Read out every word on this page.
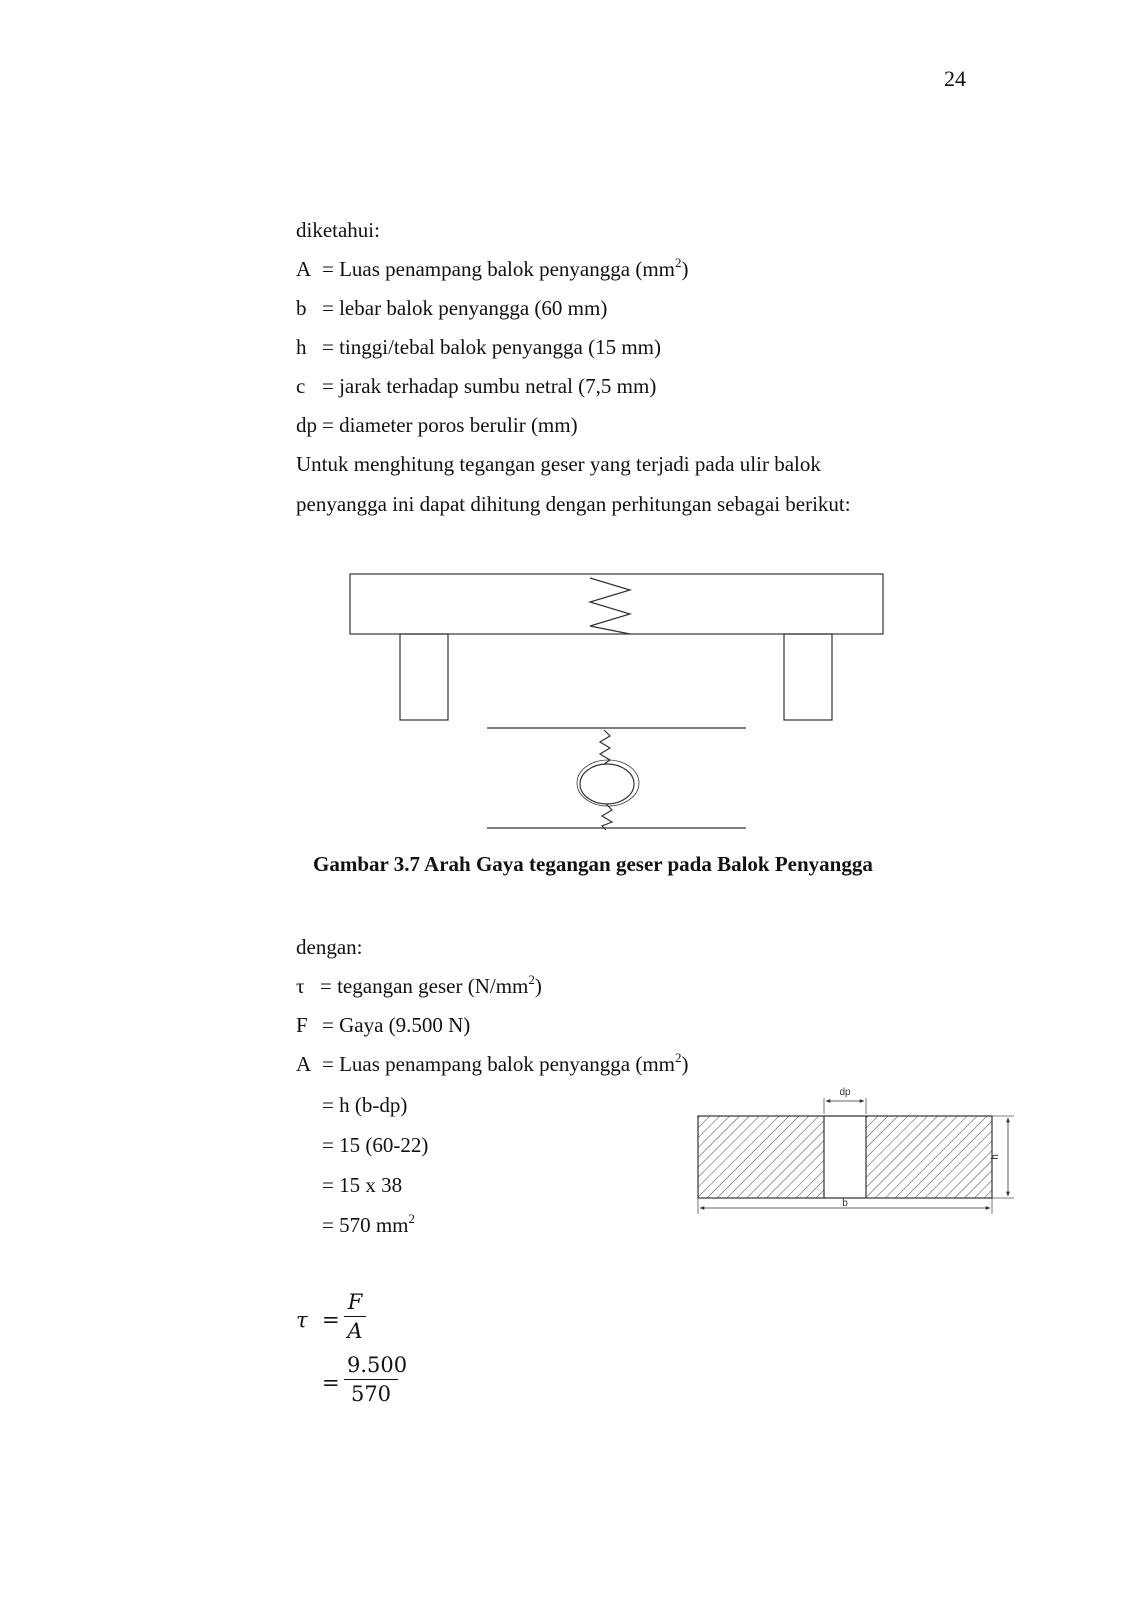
24
diketahui:
A = Luas penampang balok penyangga $(mm^2)$
b = lebar balok penyangga (60 mm)
h = tinggi/tebal balok penyangga (15 mm)
c = jarak terhadap sumbu netral (7,5 mm)
dp = diameter poros berulir (mm)
Untuk menghitung tegangan geser yang terjadi pada ulir balok
penyangga ini dapat dihitung dengan perhitungan sebagai berikut:
Gambar 3.7 Arah Gaya tegangan geser pada Balok Penyangga
dengan:
τ = tegangan geser $(N/mm^2)$
F = Gaya (9.500 N)
A = Luas penampang balok penyangga $(mm^2)$
= h (b-dp)
= 15 (60-22)
= 15 x 38
= 570 $mm^2$
dp
h
b
τ =
F
A
=
9.500
570
